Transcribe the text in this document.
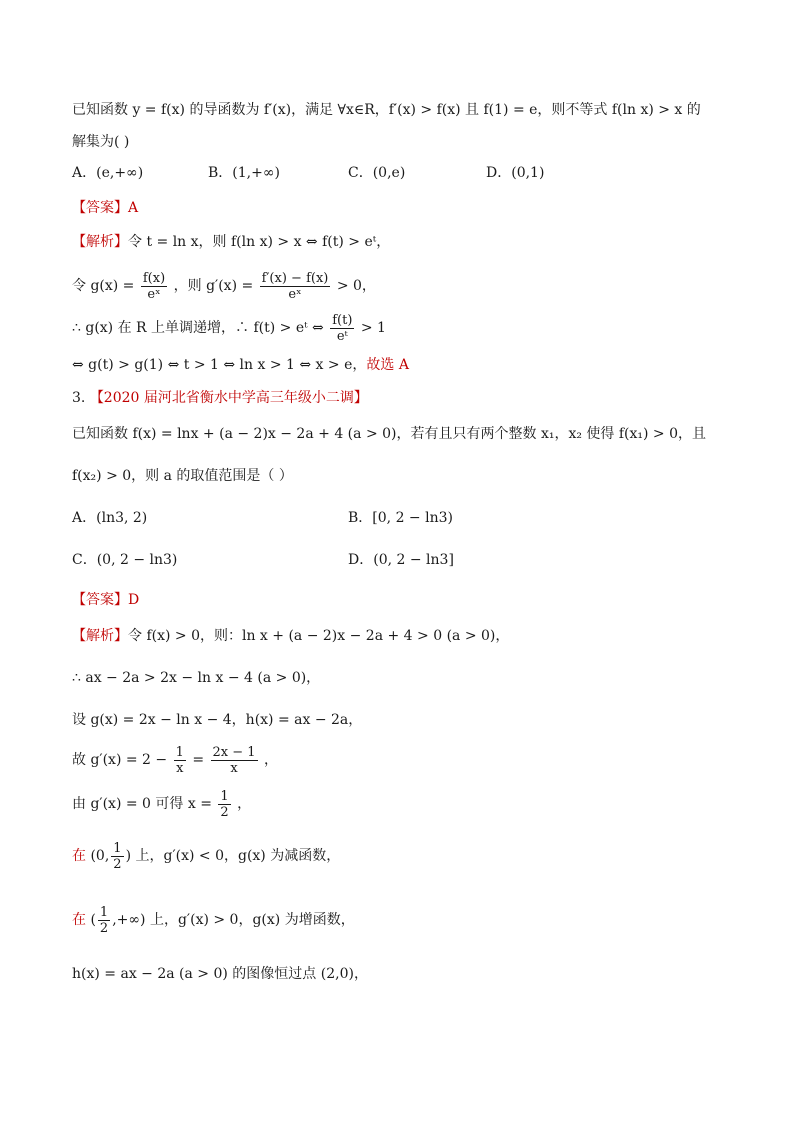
已知函数 y = f(x) 的导函数为 f′(x)，满足 ∀x∈R，f′(x) > f(x) 且 f(1) = e，则不等式 f(ln x) > x 的
解集为( )
A．(e,+∞)	B．(1,+∞)	C．(0,e)	D．(0,1)
【答案】A
【解析】令 t = ln x，则 f(ln x) > x ⇔ f(t) > eᵗ，
令 $g(x) = \frac{f(x)}{\text{eˣ}}$ ，则 $g'(x) = \frac{f'(x) - f(x)}{\text{eˣ}} > 0$，
∴ g(x) 在 R 上单调递增，∴ f(t) > eᵗ ⇔ $\frac{f(t)}{\text{eᵗ}} > 1$
⇔ g(t) > g(1) ⇔ t > 1 ⇔ ln x > 1 ⇔ x > e，故选 A
3. 【2020 届河北省衡水中学高三年级小二调】
已知函数 f(x) = lnx + (a − 2)x − 2a + 4 (a > 0)，若有且只有两个整数 x₁，x₂ 使得 f(x₁) > 0，且
f(x₂) > 0，则 a 的取值范围是（ ）
A．(ln3, 2)	B．[0, 2 − ln3)
C．(0, 2 − ln3)	D．(0, 2 − ln3]
【答案】D
【解析】令 f(x) > 0，则：ln x + (a − 2)x − 2a + 4 > 0 (a > 0)，
∴ ax − 2a > 2x − ln x − 4 (a > 0)，
设 g(x) = 2x − ln x − 4，h(x) = ax − 2a，
故 $g'(x) = 2 - \frac{1}{x} = \frac{2x - 1}{x}$ ，
由 g′(x) = 0 可得 $x = \frac{1}{2}$ ，
在 (0, $\frac{1}{2}$ ) 上，g′(x) < 0，g(x) 为减函数，
在 ( $\frac{1}{2}$ ,+∞) 上，g′(x) > 0，g(x) 为增函数，
h(x) = ax − 2a (a > 0) 的图像恒过点 (2,0)，
